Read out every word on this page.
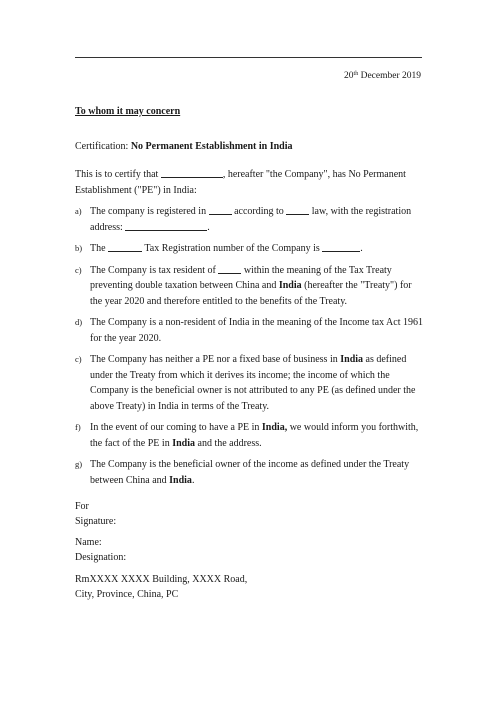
20th December 2019
To whom it may concern
Certification: No Permanent Establishment in India
This is to certify that	, hereafter "the Company", has No Permanent Establishment ("PE") in India:
a) The company is registered in  according to  law, with the registration address:	.
b) The	Tax Registration number of the Company is	.
c) The Company is tax resident of  within the meaning of the Tax Treaty preventing double taxation between China and India (hereafter the "Treaty") for the year 2020 and therefore entitled to the benefits of the Treaty.
d) The Company is a non-resident of India in the meaning of the Income tax Act 1961 for the year 2020.
c) The Company has neither a PE nor a fixed base of business in India as defined under the Treaty from which it derives its income; the income of which the Company is the beneficial owner is not attributed to any PE (as defined under the above Treaty) in India in terms of the Treaty.
f) In the event of our coming to have a PE in India, we would inform you forthwith, the fact of the PE in India and the address.
g) The Company is the beneficial owner of the income as defined under the Treaty between China and India.
For
Signature:
Name:
Designation:
RmXXXX XXXX Building, XXXX Road,
City, Province, China, PC
